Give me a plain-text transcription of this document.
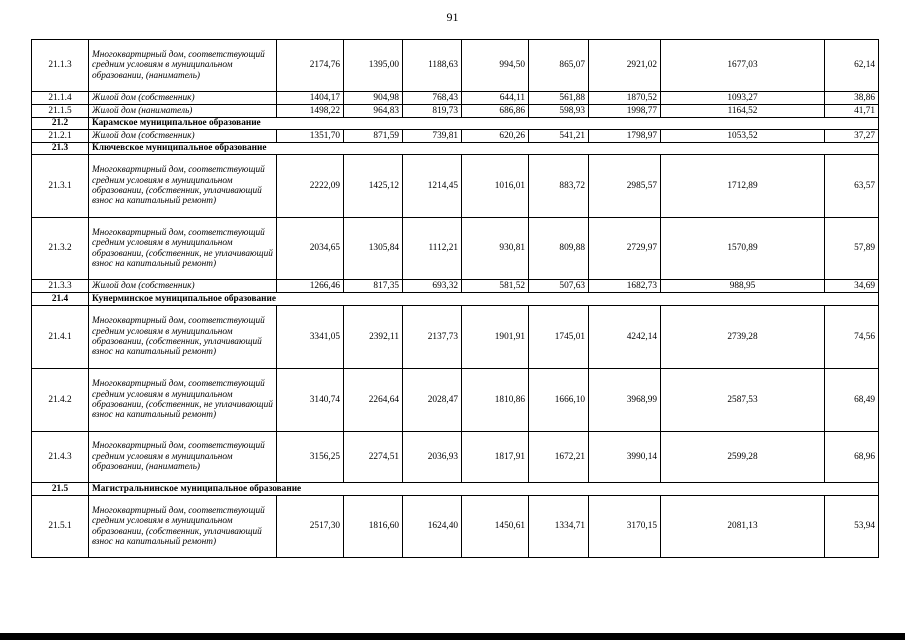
91
21.1.3	Многоквартирный дом, соответствующий средним условиям в муниципальном образовании, (наниматель)	2174,76	1395,00	1188,63	994,50	865,07	2921,02	1677,03	62,14
21.1.4	Жилой дом (собственник)	1404,17	904,98	768,43	644,11	561,88	1870,52	1093,27	38,86
21.1.5	Жилой дом (наниматель)	1498,22	964,83	819,73	686,86	598,93	1998,77	1164,52	41,71
21.2	Карамское муниципальное образование								
21.2.1	Жилой дом (собственник)	1351,70	871,59	739,81	620,26	541,21	1798,97	1053,52	37,27
21.3	Ключевское муниципальное образование								
21.3.1	Многоквартирный дом, соответствующий средним условиям в муниципальном образовании, (собственник, уплачивающий взнос на капитальный ремонт)	2222,09	1425,12	1214,45	1016,01	883,72	2985,57	1712,89	63,57
21.3.2	Многоквартирный дом, соответствующий средним условиям в муниципальном образовании, (собственник, не уплачивающий взнос на капитальный ремонт)	2034,65	1305,84	1112,21	930,81	809,88	2729,97	1570,89	57,89
21.3.3	Жилой дом (собственник)	1266,46	817,35	693,32	581,52	507,63	1682,73	988,95	34,69
21.4	Кунерминское муниципальное образование								
21.4.1	Многоквартирный дом, соответствующий средним условиям в муниципальном образовании, (собственник, уплачивающий взнос на капитальный ремонт)	3341,05	2392,11	2137,73	1901,91	1745,01	4242,14	2739,28	74,56
21.4.2	Многоквартирный дом, соответствующий средним условиям в муниципальном образовании, (собственник, не уплачивающий взнос на капитальный ремонт)	3140,74	2264,64	2028,47	1810,86	1666,10	3968,99	2587,53	68,49
21.4.3	Многоквартирный дом, соответствующий средним условиям в муниципальном образовании, (наниматель)	3156,25	2274,51	2036,93	1817,91	1672,21	3990,14	2599,28	68,96
21.5	Магистральнинское муниципальное образование								
21.5.1	Многоквартирный дом, соответствующий средним условиям в муниципальном образовании, (собственник, уплачивающий взнос на капитальный ремонт)	2517,30	1816,60	1624,40	1450,61	1334,71	3170,15	2081,13	53,94
